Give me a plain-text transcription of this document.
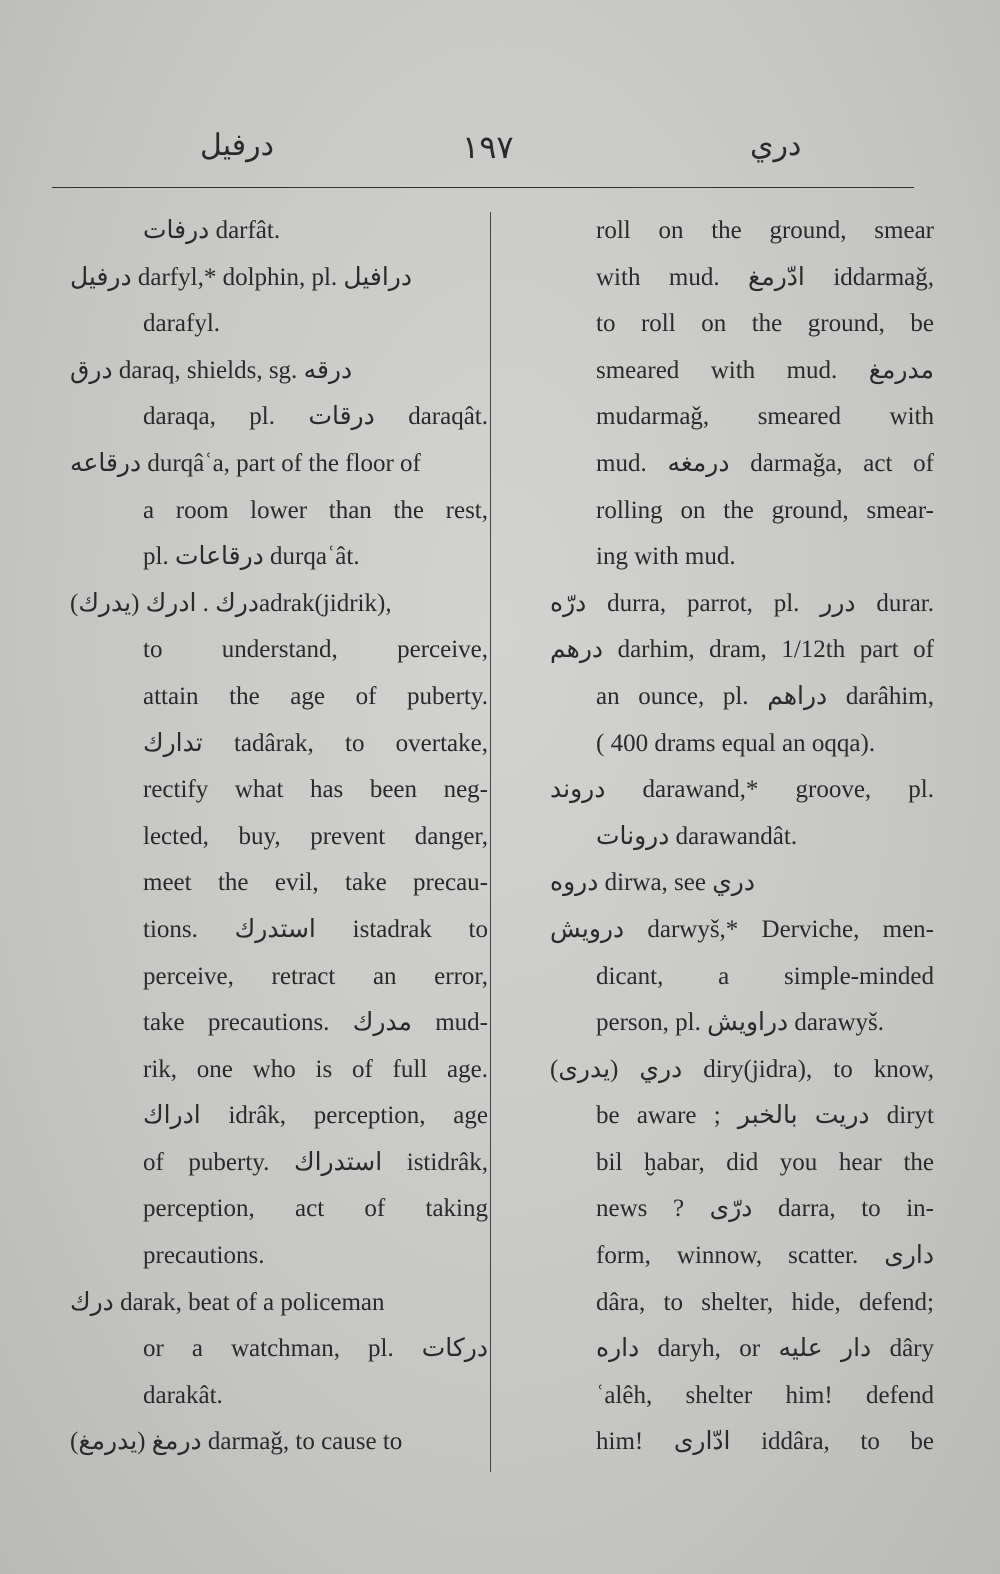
درفيل	١٩٧	دري
درفات darfât.
درفيل darfyl,* dolphin, pl. درافيل
darafyl.
درق daraq, shields, sg. درقه
daraqa, pl. درقات daraqât.
درقاعه durqâʿa, part of the floor of
a room lower than the rest,
pl. درقاعات durqaʿât.
درك . ادرك (يدرك)adrak(jidrik),
to understand, perceive,
attain the age of puberty.
تدارك tadârak, to overtake,
rectify what has been neg-
lected, buy, prevent danger,
meet the evil, take precau-
tions. استدرك istadrak to
perceive, retract an error,
take precautions. مدرك mud-
rik, one who is of full age.
ادراك idrâk, perception, age
of puberty. استدراك istidrâk,
perception, act of taking
precautions.
درك darak, beat of a policeman
or a watchman, pl. دركات
darakât.
درمغ (يدرمغ) darmaǧ, to cause to
roll on the ground, smear
with mud. ادّرمغ iddarmaǧ,
to roll on the ground, be
smeared with mud. مدرمغ
mudarmaǧ, smeared with
mud. درمغه darmaǧa, act of
rolling on the ground, smear-
ing with mud.
درّه durra, parrot, pl. درر durar.
درهم darhim, dram, 1/12th part of
an ounce, pl. دراهم darâhim,
( 400 drams equal an oqqa).
دروند darawand,* groove, pl.
درونات darawandât.
دروه dirwa, see دري
درويش darwyš,* Derviche, men-
dicant, a simple-minded
person, pl. دراويش darawyš.
دري (يدرى) diry(jidra), to know,
be aware ; دريت بالخبر diryt
bil ḫabar, did you hear the
news ? درّى darra, to in-
form, winnow, scatter. دارى
dâra, to shelter, hide, defend;
داره daryh, or دار عليه dâry
ʿalêh, shelter him! defend
him! ادّارى iddâra, to be
